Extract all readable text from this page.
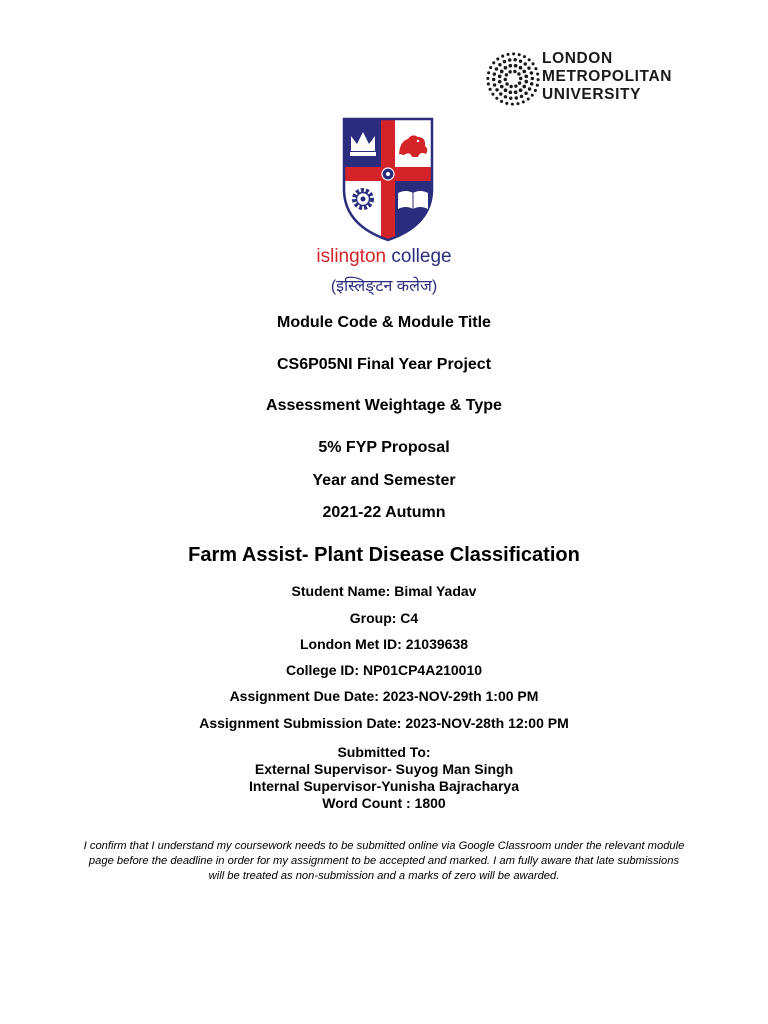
LONDON
METROPOLITAN
UNIVERSITY
islington college
(इस्लिङ्टन कलेज)
Module Code & Module Title
CS6P05NI Final Year Project
Assessment Weightage & Type
5% FYP Proposal
Year and Semester
2021-22 Autumn
Farm Assist- Plant Disease Classification
Student Name: Bimal Yadav
Group: C4
London Met ID: 21039638
College ID: NP01CP4A210010
Assignment Due Date: 2023-NOV-29th 1:00 PM
Assignment Submission Date: 2023-NOV-28th 12:00 PM
Submitted To:
External Supervisor- Suyog Man Singh
Internal Supervisor-Yunisha Bajracharya
Word Count : 1800
I confirm that I understand my coursework needs to be submitted online via Google Classroom under the relevant module page before the deadline in order for my assignment to be accepted and marked. I am fully aware that late submissions will be treated as non-submission and a marks of zero will be awarded.
